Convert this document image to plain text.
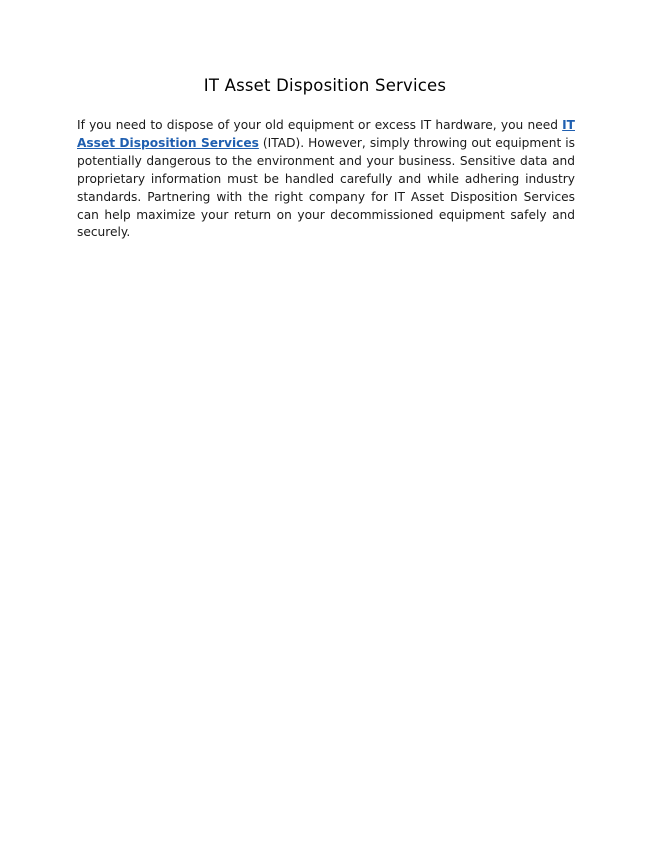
IT Asset Disposition Services

If you need to dispose of your old equipment or excess IT hardware, you need IT Asset Disposition Services (ITAD). However, simply throwing out equipment is potentially dangerous to the environment and your business. Sensitive data and proprietary information must be handled carefully and while adhering industry standards. Partnering with the right company for IT Asset Disposition Services can help maximize your return on your decommissioned equipment safely and securely.
